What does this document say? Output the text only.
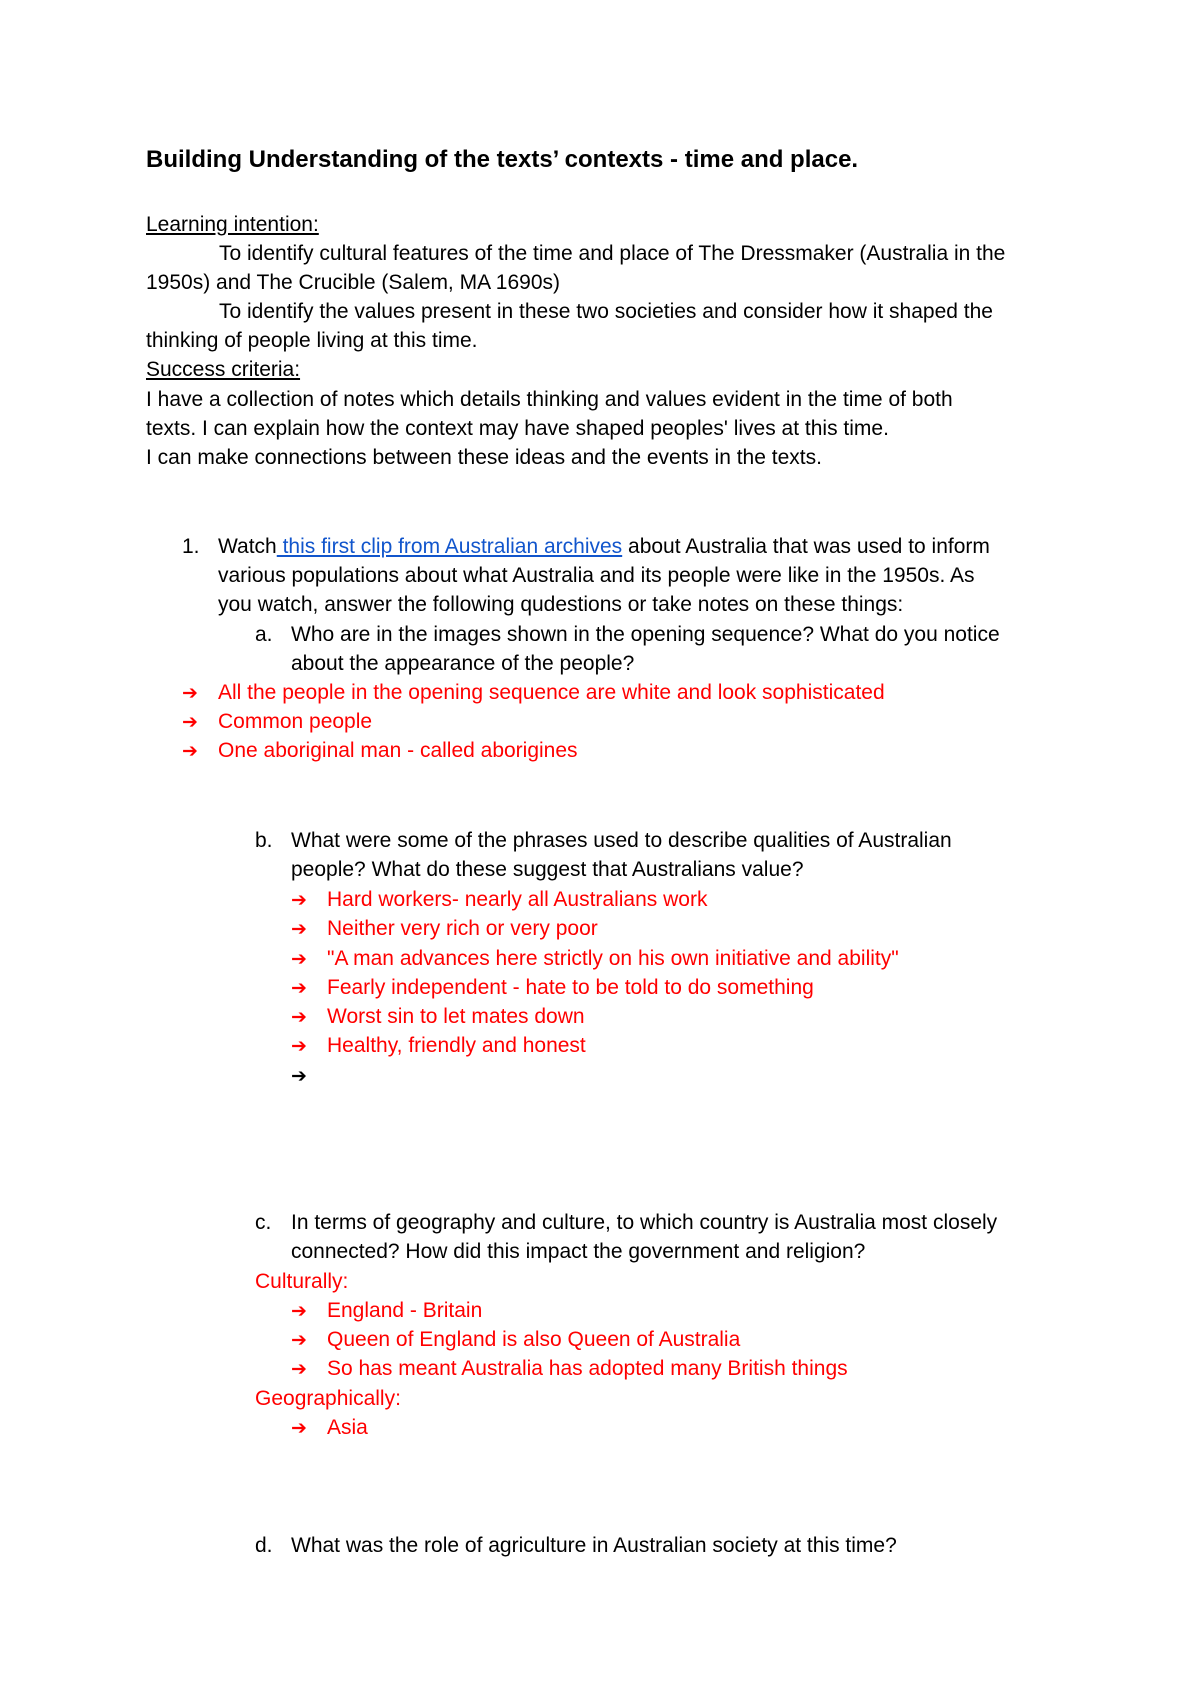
Building Understanding of the texts’ contexts - time and place.
Learning intention:
To identify cultural features of the time and place of The Dressmaker (Australia in the
1950s) and The Crucible (Salem, MA 1690s)
To identify the values present in these two societies and consider how it shaped the
thinking of people living at this time.
Success criteria:
I have a collection of notes which details thinking and values evident in the time of both
texts. I can explain how the context may have shaped peoples' lives at this time.
I can make connections between these ideas and the events in the texts.
1. Watch this first clip from Australian archives about Australia that was used to inform
various populations about what Australia and its people were like in the 1950s. As
you watch, answer the following qudestions or take notes on these things:
a. Who are in the images shown in the opening sequence? What do you notice
about the appearance of the people?
➔ All the people in the opening sequence are white and look sophisticated
➔ Common people
➔ One aboriginal man - called aborigines
b. What were some of the phrases used to describe qualities of Australian
people? What do these suggest that Australians value?
➔ Hard workers- nearly all Australians work
➔ Neither very rich or very poor
➔ "A man advances here strictly on his own initiative and ability"
➔ Fearly independent - hate to be told to do something
➔ Worst sin to let mates down
➔ Healthy, friendly and honest
➔
c. In terms of geography and culture, to which country is Australia most closely
connected? How did this impact the government and religion?
Culturally:
➔ England - Britain
➔ Queen of England is also Queen of Australia
➔ So has meant Australia has adopted many British things
Geographically:
➔ Asia
d. What was the role of agriculture in Australian society at this time?
